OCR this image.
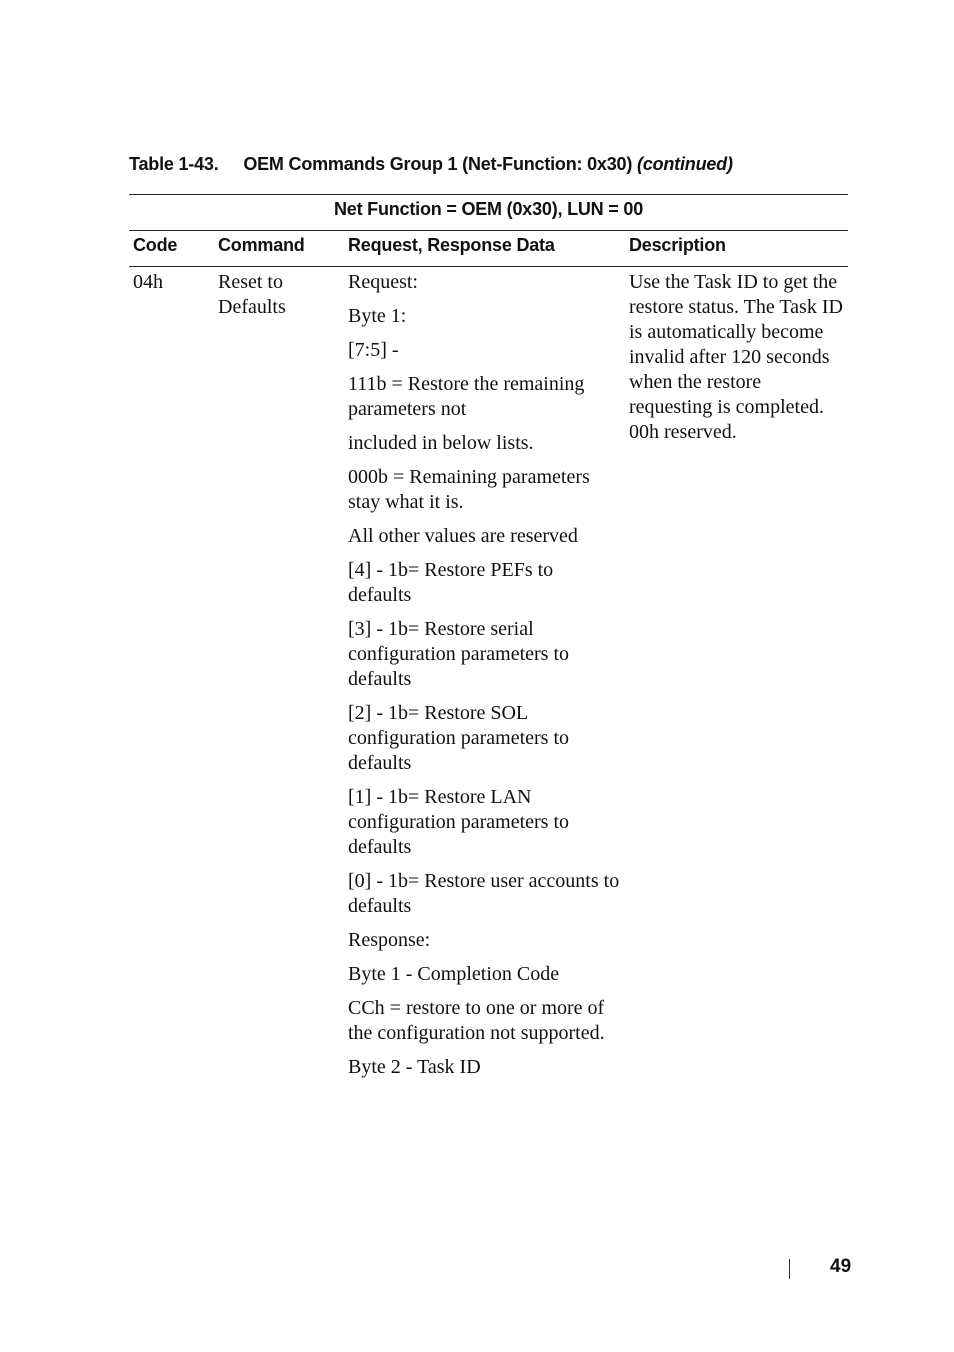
Table 1-43. OEM Commands Group 1 (Net-Function: 0x30) (continued)
Net Function = OEM (0x30), LUN = 00
Code Command Request, Response Data	Description
04h	Reset to Defaults

Request:

Byte 1:

[7:5] -

111b = Restore the remaining parameters not

included in below lists.

000b = Remaining parameters stay what it is.

All other values are reserved

[4] - 1b= Restore PEFs to defaults

[3] - 1b= Restore serial configuration parameters to defaults

[2] - 1b= Restore SOL configuration parameters to defaults

[1] - 1b= Restore LAN configuration parameters to defaults

[0] - 1b= Restore user accounts to defaults

Response:

Byte 1 - Completion Code

CCh = restore to one or more of the configuration not supported.

Byte 2 - Task ID

Use the Task ID to get the restore status. The Task ID is automatically become invalid after 120 seconds when the restore requesting is completed. 00h reserved.
49
